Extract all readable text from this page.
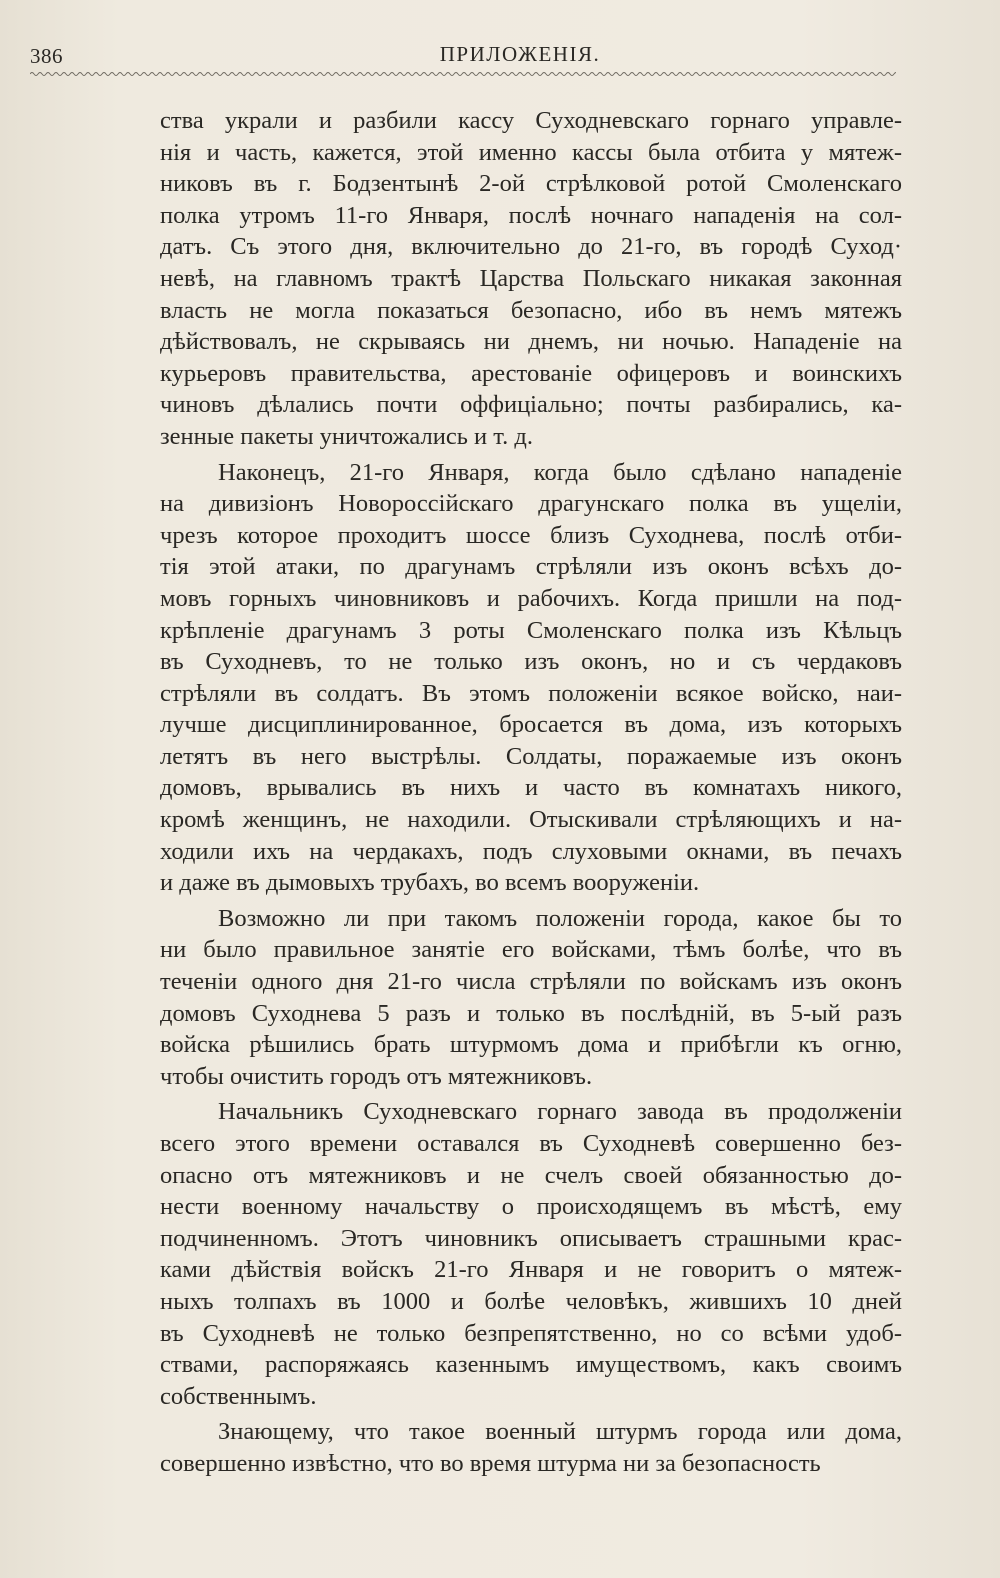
386	ПРИЛОЖЕНІЯ.
ства украли и разбили кассу Суходневскаго горнаго управле-
нія и часть, кажется, этой именно кассы была отбита у мятеж-
никовъ въ г. Бодзентынѣ 2-ой стрѣлковой ротой Смоленскаго
полка утромъ 11-го Января, послѣ ночнаго нападенія на сол-
датъ. Съ этого дня, включительно до 21-го, въ городѣ Суход·
невѣ, на главномъ трактѣ Царства Польскаго никакая законная
власть не могла показаться безопасно, ибо въ немъ мятежъ
дѣйствовалъ, не скрываясь ни днемъ, ни ночью. Нападеніе на
курьеровъ правительства, арестованіе офицеровъ и воинскихъ
чиновъ дѣлались почти оффиціально; почты разбирались, ка-
зенные пакеты уничтожались и т. д.
Наконецъ, 21-го Января, когда было сдѣлано нападеніе
на дивизіонъ Новороссійскаго драгунскаго полка въ ущеліи,
чрезъ которое проходитъ шоссе близъ Суходнева, послѣ отби-
тія этой атаки, по драгунамъ стрѣляли изъ оконъ всѣхъ до-
мовъ горныхъ чиновниковъ и рабочихъ. Когда пришли на под-
крѣпленіе драгунамъ 3 роты Смоленскаго полка изъ Кѣльцъ
въ Суходневъ, то не только изъ оконъ, но и съ чердаковъ
стрѣляли въ солдатъ. Въ этомъ положеніи всякое войско, наи-
лучше дисциплинированное, бросается въ дома, изъ которыхъ
летятъ въ него выстрѣлы. Солдаты, поражаемые изъ оконъ
домовъ, врывались въ нихъ и часто въ комнатахъ никого,
кромѣ женщинъ, не находили. Отыскивали стрѣляющихъ и на-
ходили ихъ на чердакахъ, подъ слуховыми окнами, въ печахъ
и даже въ дымовыхъ трубахъ, во всемъ вооруженіи.
Возможно ли при такомъ положеніи города, какое бы то
ни было правильное занятіе его войсками, тѣмъ болѣе, что въ
теченіи одного дня 21-го числа стрѣляли по войскамъ изъ оконъ
домовъ Суходнева 5 разъ и только въ послѣдній, въ 5-ый разъ
войска рѣшились брать штурмомъ дома и прибѣгли къ огню,
чтобы очистить городъ отъ мятежниковъ.
Начальникъ Суходневскаго горнаго завода въ продолженіи
всего этого времени оставался въ Суходневѣ совершенно без-
опасно отъ мятежниковъ и не счелъ своей обязанностью до-
нести военному начальству о происходящемъ въ мѣстѣ, ему
подчиненномъ. Этотъ чиновникъ описываетъ страшными крас-
ками дѣйствія войскъ 21-го Января и не говоритъ о мятеж-
ныхъ толпахъ въ 1000 и болѣе человѣкъ, жившихъ 10 дней
въ Суходневѣ не только безпрепятственно, но со всѣми удоб-
ствами, распоряжаясь казеннымъ имуществомъ, какъ своимъ
собственнымъ.
Знающему, что такое военный штурмъ города или дома,
совершенно извѣстно, что во время штурма ни за безопасность
